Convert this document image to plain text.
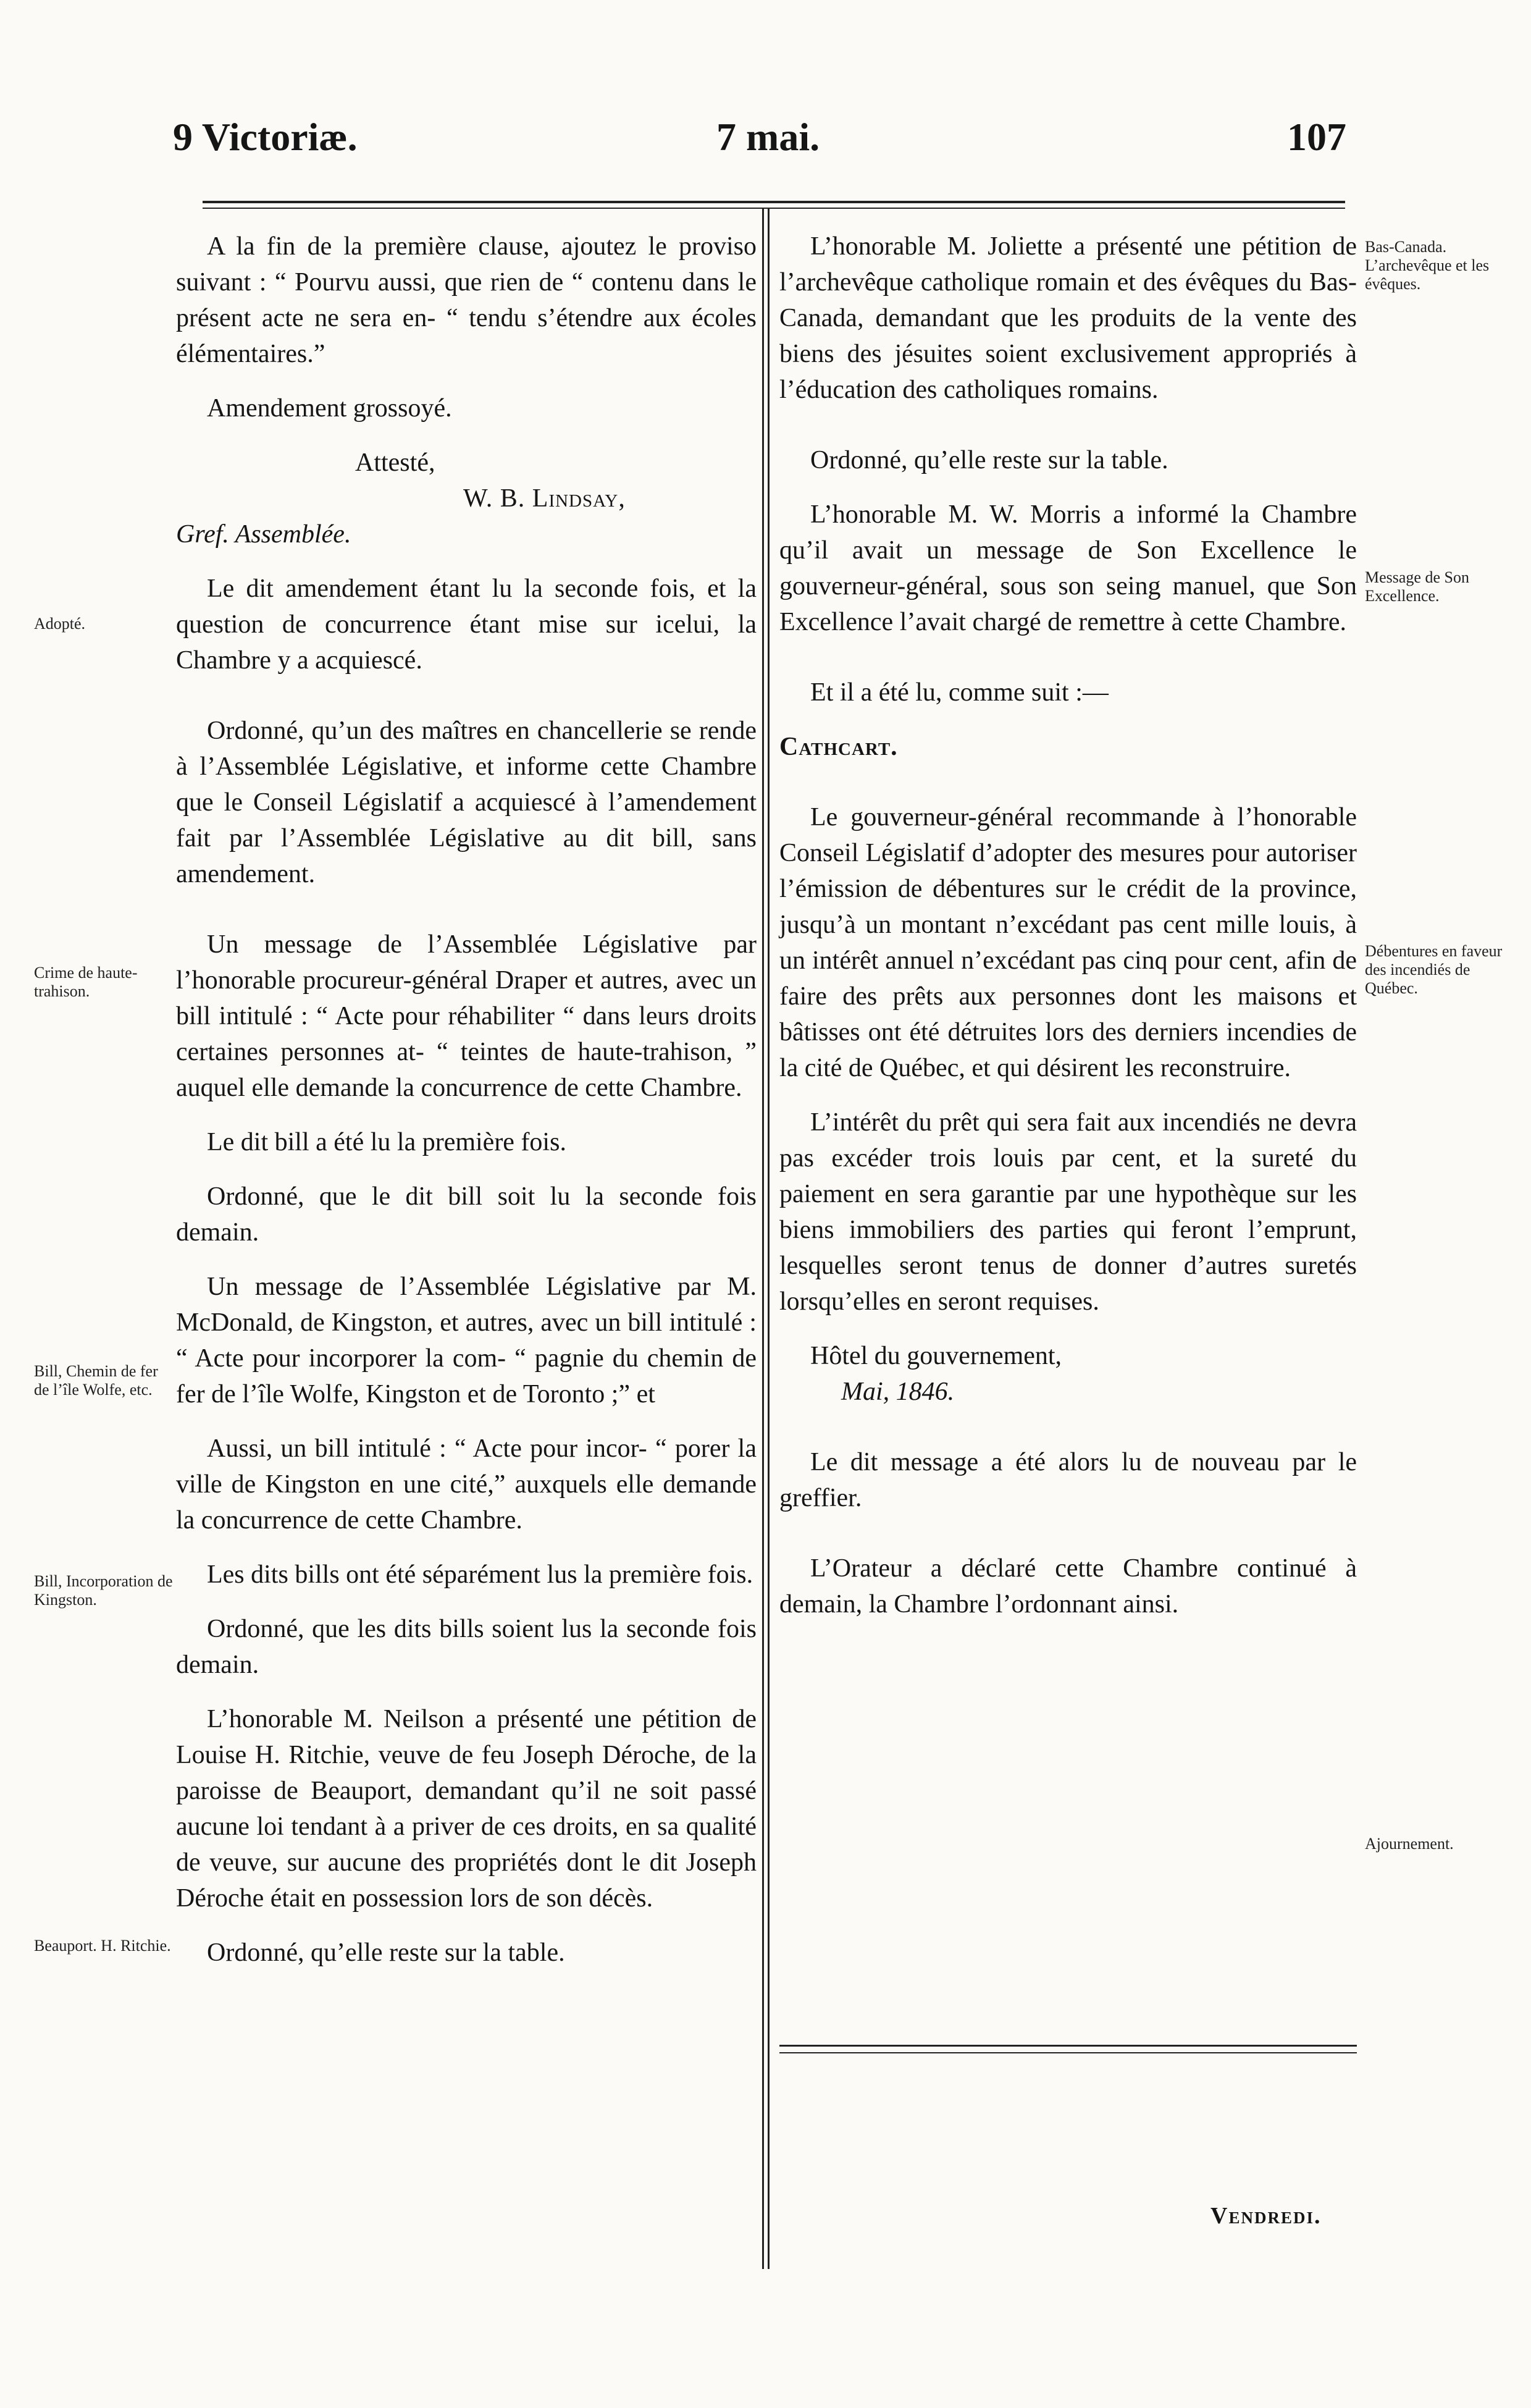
9 Victoriæ.	7 mai.	107

A la fin de la première clause, ajoutez le proviso suivant : “ Pourvu aussi, que rien de “ contenu dans le présent acte ne sera en- “ tendu s’étendre aux écoles élémentaires.”

Amendement grossoyé.

Attesté,

W. B. Lindsay,

Gref. Assemblée.

Le dit amendement étant lu la seconde fois, et la question de concurrence étant mise sur icelui, la Chambre y a acquiescé.

Ordonné, qu’un des maîtres en chancellerie se rende à l’Assemblée Législative, et informe cette Chambre que le Conseil Législatif a acquiescé à l’amendement fait par l’Assemblée Législative au dit bill, sans amendement.

Un message de l’Assemblée Législative par l’honorable procureur-général Draper et autres, avec un bill intitulé : “ Acte pour réhabiliter “ dans leurs droits certaines personnes at- “ teintes de haute-trahison, ” auquel elle demande la concurrence de cette Chambre.

Le dit bill a été lu la première fois.

Ordonné, que le dit bill soit lu la seconde fois demain.

Un message de l’Assemblée Législative par M. McDonald, de Kingston, et autres, avec un bill intitulé : “ Acte pour incorporer la com- “ pagnie du chemin de fer de l’île Wolfe, Kingston et de Toronto ;” et

Aussi, un bill intitulé : “ Acte pour incor- “ porer la ville de Kingston en une cité,” auxquels elle demande la concurrence de cette Chambre.

Les dits bills ont été séparément lus la première fois.

Ordonné, que les dits bills soient lus la seconde fois demain.

L’honorable M. Neilson a présenté une pétition de Louise H. Ritchie, veuve de feu Joseph Déroche, de la paroisse de Beauport, demandant qu’il ne soit passé aucune loi tendant à a priver de ces droits, en sa qualité de veuve, sur aucune des propriétés dont le dit Joseph Déroche était en possession lors de son décès.

Ordonné, qu’elle reste sur la table.

L’honorable M. Joliette a présenté une pétition de l’archevêque catholique romain et des évêques du Bas-Canada, demandant que les produits de la vente des biens des jésuites soient exclusivement appropriés à l’éducation des catholiques romains.

Ordonné, qu’elle reste sur la table.

L’honorable M. W. Morris a informé la Chambre qu’il avait un message de Son Excellence le gouverneur-général, sous son seing manuel, que Son Excellence l’avait chargé de remettre à cette Chambre.

Et il a été lu, comme suit :—

Cathcart.

Le gouverneur-général recommande à l’honorable Conseil Législatif d’adopter des mesures pour autoriser l’émission de débentures sur le crédit de la province, jusqu’à un montant n’excédant pas cent mille louis, à un intérêt annuel n’excédant pas cinq pour cent, afin de faire des prêts aux personnes dont les maisons et bâtisses ont été détruites lors des derniers incendies de la cité de Québec, et qui désirent les reconstruire.

L’intérêt du prêt qui sera fait aux incendiés ne devra pas excéder trois louis par cent, et la sureté du paiement en sera garantie par une hypothèque sur les biens immobiliers des parties qui feront l’emprunt, lesquelles seront tenus de donner d’autres suretés lorsqu’elles en seront requises.

Hôtel du gouvernement,

Mai, 1846.

Le dit message a été alors lu de nouveau par le greffier.

L’Orateur a déclaré cette Chambre continué à demain, la Chambre l’ordonnant ainsi.

Adopté.
Crime de haute-trahison.
Bill, Chemin de fer de l’île Wolfe, etc.
Bill, Incorporation de Kingston.
Beauport. H. Ritchie.
Bas-Canada. L’archevêque et les évêques.
Message de Son Excellence.
Débentures en faveur des incendiés de Québec.
Ajournement.
Vendredi.
